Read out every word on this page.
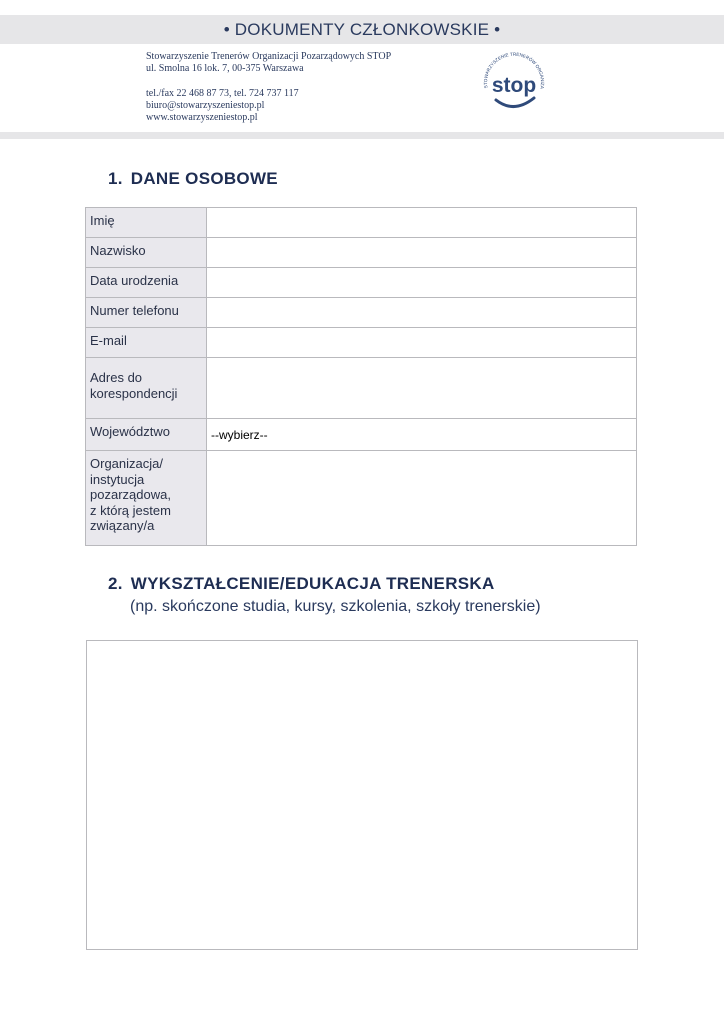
• DOKUMENTY CZŁONKOWSKIE •
Stowarzyszenie Trenerów Organizacji Pozarządowych STOP
ul. Smolna 16 lok. 7, 00-375 Warszawa
tel./fax 22 468 87 73, tel. 724 737 117
biuro@stowarzyszeniestop.pl
www.stowarzyszeniestop.pl
STOWARZYSZENIE TRENERÓW ORGANIZA
stop
1. DANE OSOBOWE
Imię	
Nazwisko	
Data urodzenia	
Numer telefonu	
E-mail	
Adres do korespondencji	
Województwo	--wybierz--

Organizacja/
instytucja
pozarządowa,
z którą jestem
związany/a	

2. WYKSZTAŁCENIE/EDUKACJA TRENERSKA
(np. skończone studia, kursy, szkolenia, szkoły trenerskie)
